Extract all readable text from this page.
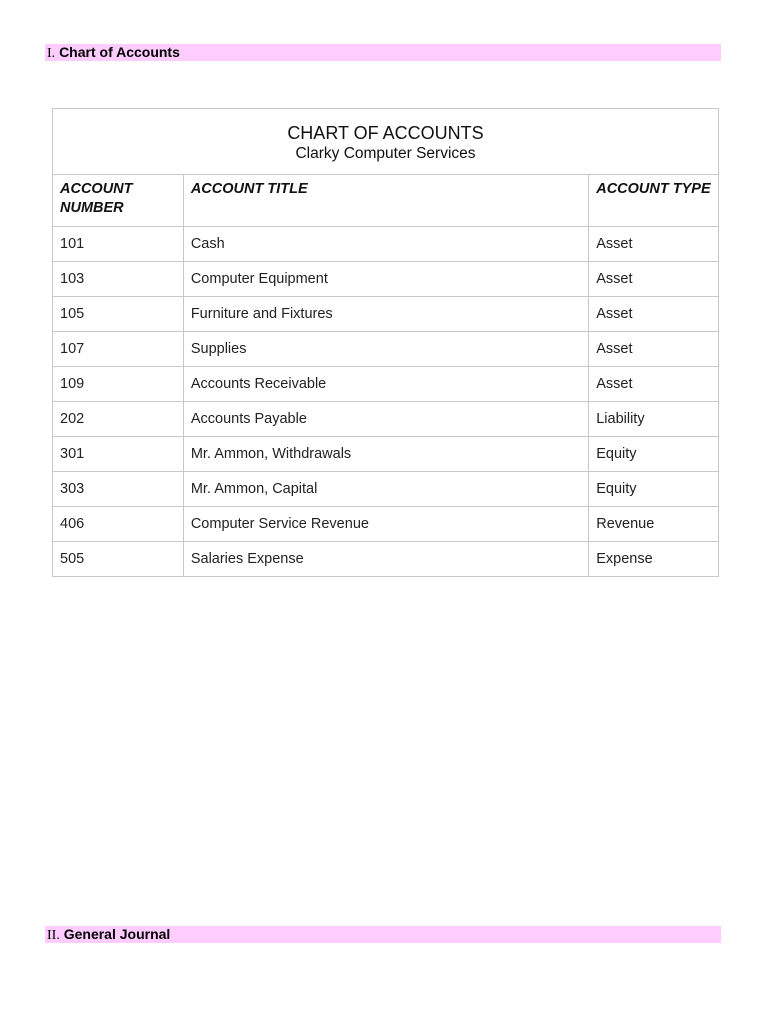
I. Chart of Accounts
CHART OF ACCOUNTS
Clarky Computer Services		

ACCOUNT NUMBER	ACCOUNT TITLE	ACCOUNT TYPE
101	Cash	Asset
103	Computer Equipment	Asset
105	Furniture and Fixtures	Asset
107	Supplies	Asset
109	Accounts Receivable	Asset
202	Accounts Payable	Liability
301	Mr. Ammon, Withdrawals	Equity
303	Mr. Ammon, Capital	Equity
406	Computer Service Revenue	Revenue
505	Salaries Expense	Expense
II. General Journal
